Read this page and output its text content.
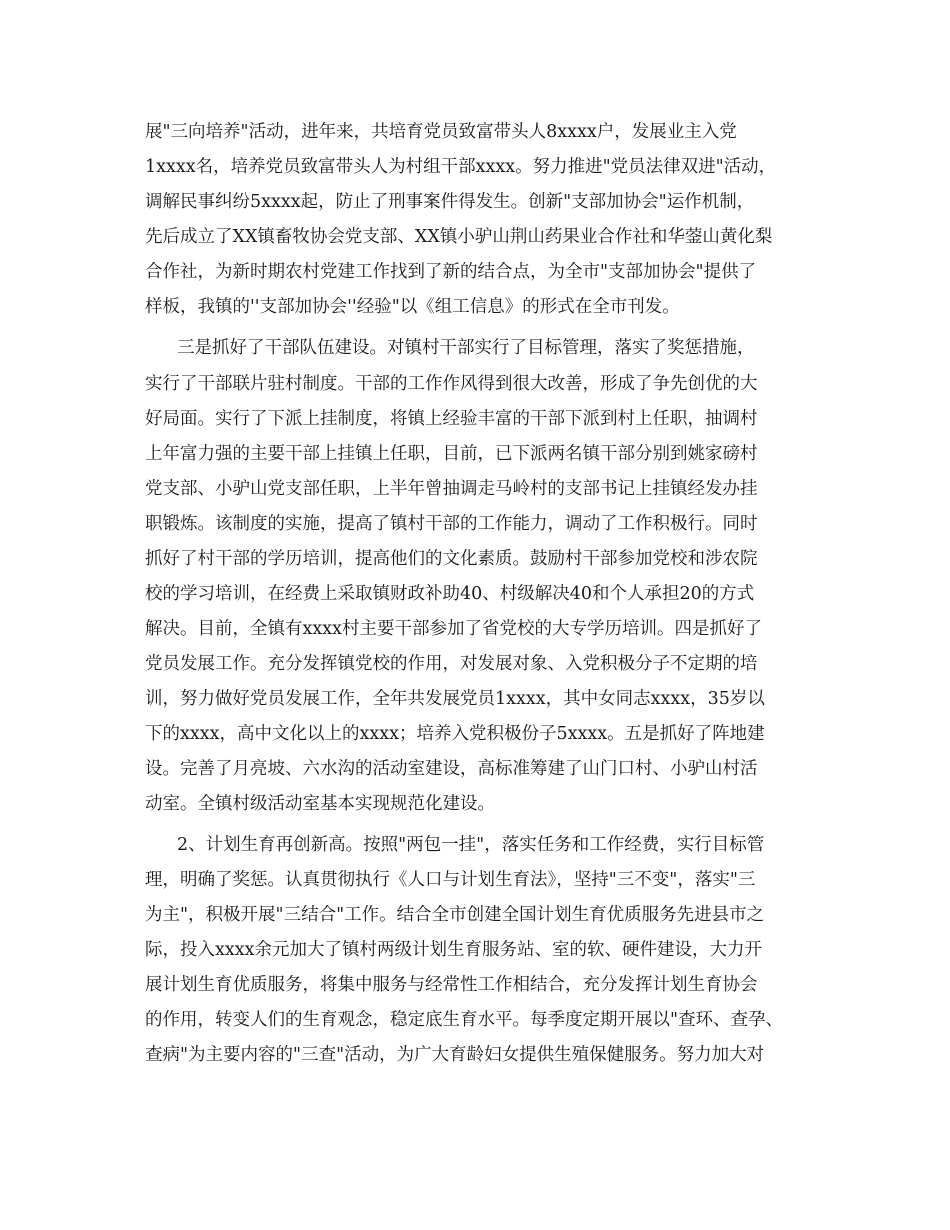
展"三向培养"活动，进年来，共培育党员致富带头人8xxxx户，发展业主入党
1xxxx名，培养党员致富带头人为村组干部xxxx。努力推进"党员法律双进"活动，
调解民事纠纷5xxxx起，防止了刑事案件得发生。创新"支部加协会"运作机制，
先后成立了XX镇畜牧协会党支部、XX镇小驴山荆山药果业合作社和华蓥山黄化梨
合作社，为新时期农村党建工作找到了新的结合点，为全市"支部加协会"提供了
样板，我镇的''支部加协会''经验"以《组工信息》的形式在全市刊发。
三是抓好了干部队伍建设。对镇村干部实行了目标管理，落实了奖惩措施，
实行了干部联片驻村制度。干部的工作作风得到很大改善，形成了争先创优的大
好局面。实行了下派上挂制度，将镇上经验丰富的干部下派到村上任职，抽调村
上年富力强的主要干部上挂镇上任职，目前，已下派两名镇干部分别到姚家磅村
党支部、小驴山党支部任职，上半年曾抽调走马岭村的支部书记上挂镇经发办挂
职锻炼。该制度的实施，提高了镇村干部的工作能力，调动了工作积极行。同时
抓好了村干部的学历培训，提高他们的文化素质。鼓励村干部参加党校和涉农院
校的学习培训，在经费上采取镇财政补助40、村级解决40和个人承担20的方式
解决。目前，全镇有xxxx村主要干部参加了省党校的大专学历培训。四是抓好了
党员发展工作。充分发挥镇党校的作用，对发展对象、入党积极分子不定期的培
训，努力做好党员发展工作，全年共发展党员1xxxx，其中女同志xxxx，35岁以
下的xxxx，高中文化以上的xxxx；培养入党积极份子5xxxx。五是抓好了阵地建
设。完善了月亮坡、六水沟的活动室建设，高标准筹建了山门口村、小驴山村活
动室。全镇村级活动室基本实现规范化建设。
2、计划生育再创新高。按照"两包一挂"，落实任务和工作经费，实行目标管
理，明确了奖惩。认真贯彻执行《人口与计划生育法》，坚持"三不变"，落实"三
为主"，积极开展"三结合"工作。结合全市创建全国计划生育优质服务先进县市之
际，投入xxxx余元加大了镇村两级计划生育服务站、室的软、硬件建设，大力开
展计划生育优质服务，将集中服务与经常性工作相结合，充分发挥计划生育协会
的作用，转变人们的生育观念，稳定底生育水平。每季度定期开展以"查环、查孕、
查病"为主要内容的"三查"活动，为广大育龄妇女提供生殖保健服务。努力加大对
